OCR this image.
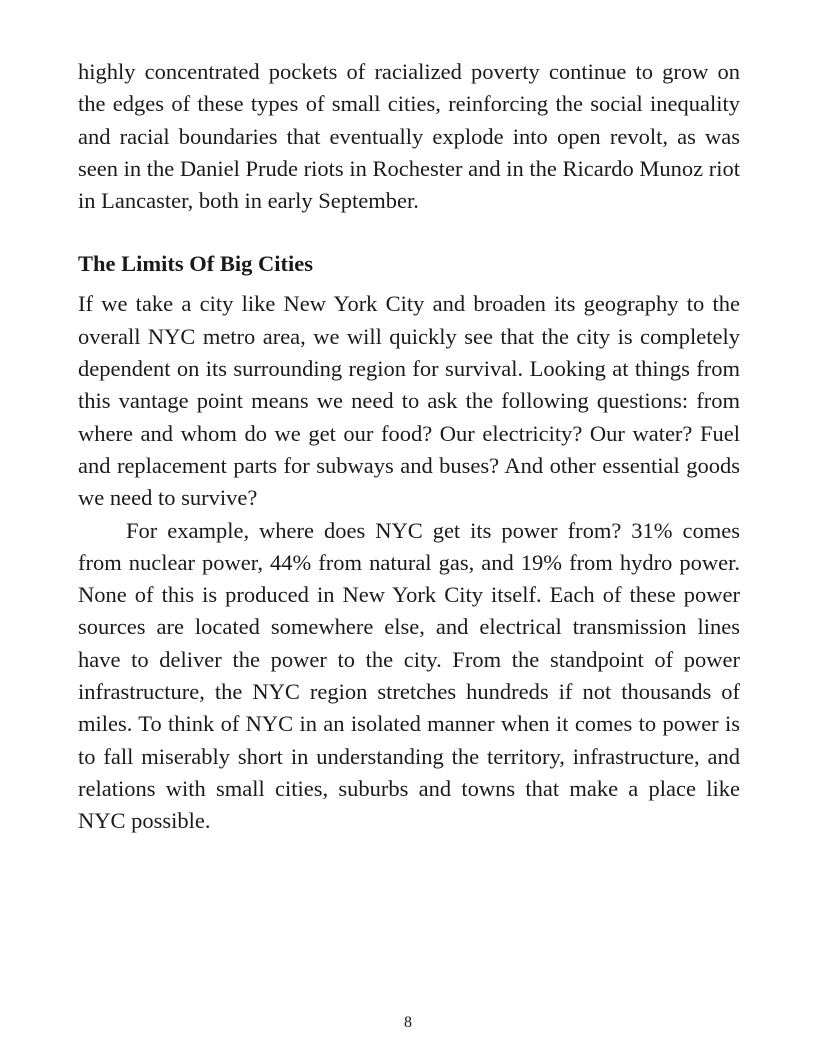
highly concentrated pockets of racialized poverty continue to grow on the edges of these types of small cities, reinforcing the social inequality and racial boundaries that eventually explode into open revolt, as was seen in the Daniel Prude riots in Rochester and in the Ricardo Munoz riot in Lancaster, both in early September.

The Limits Of Big Cities

If we take a city like New York City and broaden its geography to the overall NYC metro area, we will quickly see that the city is completely dependent on its surrounding region for survival. Looking at things from this vantage point means we need to ask the following questions: from where and whom do we get our food? Our electricity? Our water? Fuel and replacement parts for subways and buses? And other essential goods we need to survive?

For example, where does NYC get its power from? 31% comes from nuclear power, 44% from natural gas, and 19% from hydro power. None of this is produced in New York City itself. Each of these power sources are located somewhere else, and electrical transmission lines have to deliver the power to the city. From the standpoint of power infrastructure, the NYC region stretches hundreds if not thousands of miles. To think of NYC in an isolated manner when it comes to power is to fall miserably short in understanding the territory, infrastructure, and relations with small cities, suburbs and towns that make a place like NYC possible.

8
